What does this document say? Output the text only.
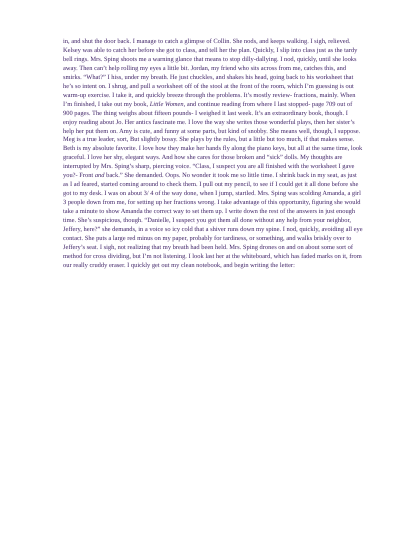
in, and shut the door back. I manage to catch a glimpse of Collin. She nods, and keeps walking. I sigh, relieved. Kelsey was able to catch her before she got to class, and tell her the plan. Quickly, I slip into class just as the tardy bell rings. Mrs. Sping shoots me a warning glance that means to stop dilly-dallying. I nod, quickly, until she looks away. Then can’t help rolling my eyes a little bit. Jordan, my friend who sits across from me, catches this, and smirks. “What?” I hiss, under my breath. He just chuckles, and shakes his head, going back to his worksheet that he’s so intent on. I shrug, and pull a worksheet off of the stool at the front of the room, which I’m guessing is out warm-up exercise. I take it, and quickly breeze through the problems. It’s mostly review- fractions, mainly. When I’m finished, I take out my book, Little Women, and continue reading from where I last stopped- page 709 out of 900 pages. The thing weighs about fifteen pounds- I weighed it last week. It’s an extraordinary book, though. I enjoy reading about Jo. Her antics fascinate me. I love the way she writes those wonderful plays, then her sister’s help her put them on. Amy is cute, and funny at some parts, but kind of snobby. She means well, though, I suppose. Meg is a true leader, sort, But slightly bossy. She plays by the rules, but a little but too much, if that makes sense. Beth is my absolute favorite. I love how they make her hands fly along the piano keys, but all at the same time, look graceful. I love her shy, elegant ways. And how she cares for those broken and “sick” dolls. My thoughts are interrupted by Mrs. Sping’s sharp, piercing voice. “Class, I suspect you are all finished with the worksheet I gave you?- Front and back.” She demanded. Oops. No wonder it took me so little time. I shrink back in my seat, as just as I ad feared, started coming around to check them. I pull out my pencil, to see if I could get it all done before she got to my desk. I was on about 3/ 4 of the way done, when I jump, startled. Mrs. Sping was scolding Amanda, a girl 3 people down from me, for setting up her fractions wrong. I take advantage of this opportunity, figuring she would take a minute to show Amanda the correct way to set them up. I write down the rest of the answers in just enough time. She’s suspicious, though. “Danielle, I suspect you got them all done without any help from your neighbor, Jeffery, here?” she demands, in a voice so icy cold that a shiver runs down my spine. I nod, quickly, avoiding all eye contact. She puts a large red minus on my paper, probably for tardiness, or something, and walks briskly over to Jeffery’s seat. I sigh, not realizing that my breath had been held. Mrs. Sping drones on and on about some sort of method for cross dividing, but I’m not listening. I look last her at the whiteboard, which has faded marks on it, from our really cruddy eraser. I quickly get out my clean notebook, and begin writing the letter:
